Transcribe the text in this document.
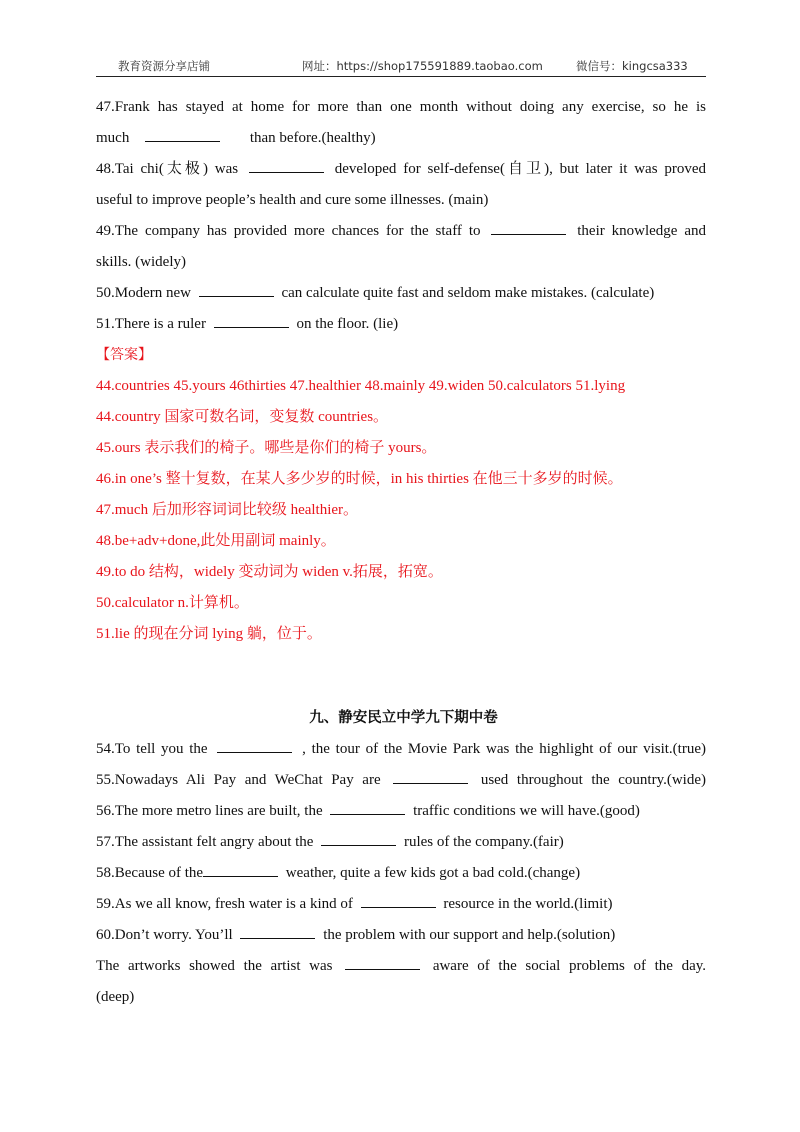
教育资源分享店铺	网址：https://shop175591889.taobao.com	微信号：kingcsa333
47.Frank has stayed at home for more than one month without doing any exercise, so he is
much	than before.(healthy)
48.Tai chi(太极) was	developed for self-defense(自卫), but later it was proved
useful to improve people’s health and cure some illnesses. (main)
49.The company has provided more chances for the staff to	their knowledge and
skills. (widely)
50.Modern new	can calculate quite fast and seldom make mistakes. (calculate)
51.There is a ruler	on the floor. (lie)
【答案】
44.countries 45.yours 46thirties 47.healthier 48.mainly 49.widen 50.calculators 51.lying
44.country 国家可数名词，变复数 countries。
45.ours 表示我们的椅子。哪些是你们的椅子 yours。
46.in one’s 整十复数，在某人多少岁的时候，in his thirties 在他三十多岁的时候。
47.much 后加形容词词比较级 healthier。
48.be+adv+done,此处用副词 mainly。
49.to do 结构，widely 变动词为 widen v.拓展，拓宽。
50.calculator n.计算机。
51.lie 的现在分词 lying 躺，位于。
九、静安民立中学九下期中卷
54.To tell you the	, the tour of the Movie Park was the highlight of our visit.(true)
55.Nowadays Ali Pay and WeChat Pay are	used throughout the country.(wide)
56.The more metro lines are built, the	traffic conditions we will have.(good)
57.The assistant felt angry about the	rules of the company.(fair)
58.Because of the	weather, quite a few kids got a bad cold.(change)
59.As we all know, fresh water is a kind of	resource in the world.(limit)
60.Don’t worry. You’ll	the problem with our support and help.(solution)
The artworks showed the artist was	aware of the social problems of the day.
(deep)
